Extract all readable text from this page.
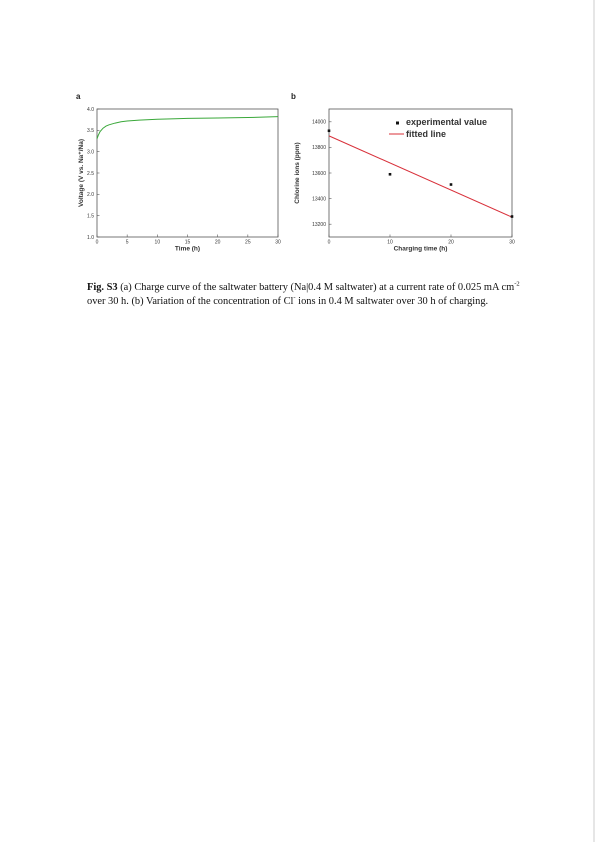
a	b
0	5	10	15	20	25	30
1.0
1.5
2.0
2.5
3.0
3.5
4.0
Time (h)
Voltage (V vs. Na⁺/Na)
0	10	20	30
13200
13400
13600
13800
14000
Charging time (h)
Chlorine ions (ppm)
experimental value
fitted line
Fig. S3 (a) Charge curve of the saltwater battery (Na|0.4 M saltwater) at a current rate of 0.025 mA $cm^{-2}$ over 30 h. (b) Variation of the concentration of Cl- ions in 0.4 M saltwater over 30 h of charging.
